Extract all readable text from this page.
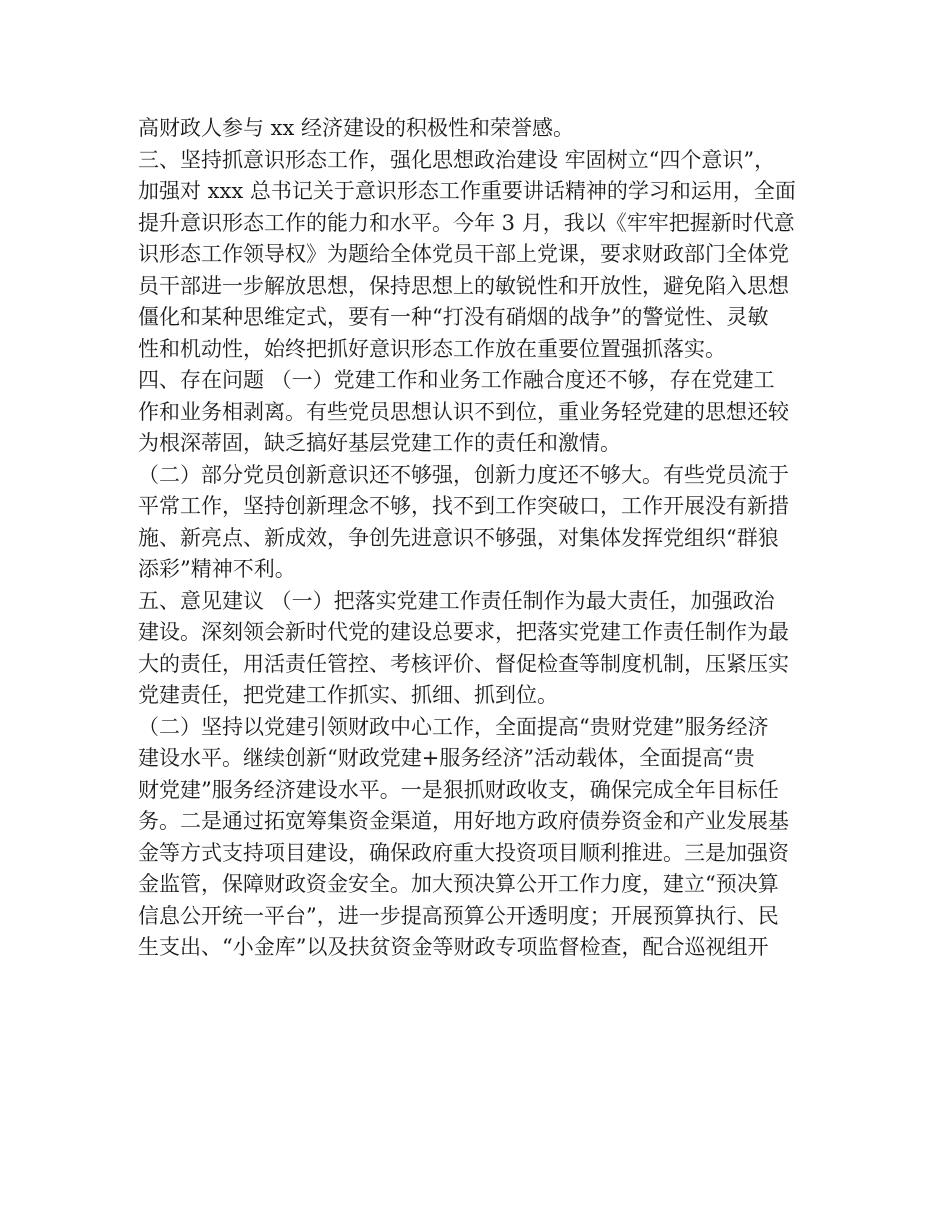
高财政人参与 xx 经济建设的积极性和荣誉感。
三、坚持抓意识形态工作，强化思想政治建设 牢固树立“四个意识”，
加强对 xxx 总书记关于意识形态工作重要讲话精神的学习和运用，全面
提升意识形态工作的能力和水平。今年 3 月，我以《牢牢把握新时代意
识形态工作领导权》为题给全体党员干部上党课，要求财政部门全体党
员干部进一步解放思想，保持思想上的敏锐性和开放性，避免陷入思想
僵化和某种思维定式，要有一种“打没有硝烟的战争”的警觉性、灵敏
性和机动性，始终把抓好意识形态工作放在重要位置强抓落实。
四、存在问题 （一）党建工作和业务工作融合度还不够，存在党建工
作和业务相剥离。有些党员思想认识不到位，重业务轻党建的思想还较
为根深蒂固，缺乏搞好基层党建工作的责任和激情。
（二）部分党员创新意识还不够强，创新力度还不够大。有些党员流于
平常工作，坚持创新理念不够，找不到工作突破口，工作开展没有新措
施、新亮点、新成效，争创先进意识不够强，对集体发挥党组织“群狼
添彩”精神不利。
五、意见建议 （一）把落实党建工作责任制作为最大责任，加强政治
建设。深刻领会新时代党的建设总要求，把落实党建工作责任制作为最
大的责任，用活责任管控、考核评价、督促检查等制度机制，压紧压实
党建责任，把党建工作抓实、抓细、抓到位。
（二）坚持以党建引领财政中心工作，全面提高“贵财党建”服务经济
建设水平。继续创新“财政党建+服务经济”活动载体，全面提高“贵
财党建”服务经济建设水平。一是狠抓财政收支，确保完成全年目标任
务。二是通过拓宽筹集资金渠道，用好地方政府债券资金和产业发展基
金等方式支持项目建设，确保政府重大投资项目顺利推进。三是加强资
金监管，保障财政资金安全。加大预决算公开工作力度，建立“预决算
信息公开统一平台”，进一步提高预算公开透明度；开展预算执行、民
生支出、“小金库”以及扶贫资金等财政专项监督检查，配合巡视组开
